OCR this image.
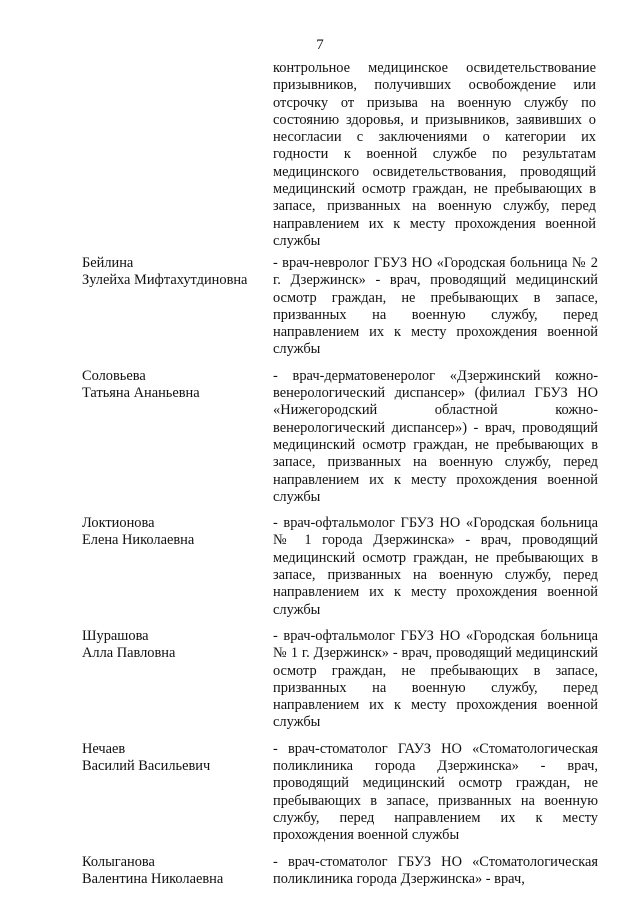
7
контрольное медицинское освидетельствование призывников, получивших освобождение или отсрочку от призыва на военную службу по состоянию здоровья, и призывников, заявивших о несогласии с заключениями о категории их годности к военной службе по результатам медицинского освидетельствования, проводящий медицинский осмотр граждан, не пребывающих в запасе, призванных на военную службу, перед направлением их к месту прохождения военной службы
Бейлина
Зулейха Мифтахутдиновна
- врач-невролог ГБУЗ НО «Городская больница № 2 г. Дзержинск» - врач, проводящий медицинский осмотр граждан, не пребывающих в запасе, призванных на военную службу, перед направлением их к месту прохождения военной службы
Соловьева
Татьяна Ананьевна
- врач-дерматовенеролог «Дзержинский кожно-венерологический диспансер» (филиал ГБУЗ НО «Нижегородский областной кожно-венерологический диспансер») - врач, проводящий медицинский осмотр граждан, не пребывающих в запасе, призванных на военную службу, перед направлением их к месту прохождения военной службы
Локтионова
Елена Николаевна
- врач-офтальмолог ГБУЗ НО «Городская больница № 1 города Дзержинска» - врач, проводящий медицинский осмотр граждан, не пребывающих в запасе, призванных на военную службу, перед направлением их к месту прохождения военной службы
Шурашова
Алла Павловна
- врач-офтальмолог ГБУЗ НО «Городская больница № 1 г. Дзержинск» - врач, проводящий медицинский осмотр граждан, не пребывающих в запасе, призванных на военную службу, перед направлением их к месту прохождения военной службы
Нечаев
Василий Васильевич
- врач-стоматолог ГАУЗ НО «Стоматологическая поликлиника города Дзержинска» - врач, проводящий медицинский осмотр граждан, не пребывающих в запасе, призванных на военную службу, перед направлением их к месту прохождения военной службы
Колыганова
Валентина Николаевна
- врач-стоматолог ГБУЗ НО «Стоматологическая поликлиника города Дзержинска» - врач,
